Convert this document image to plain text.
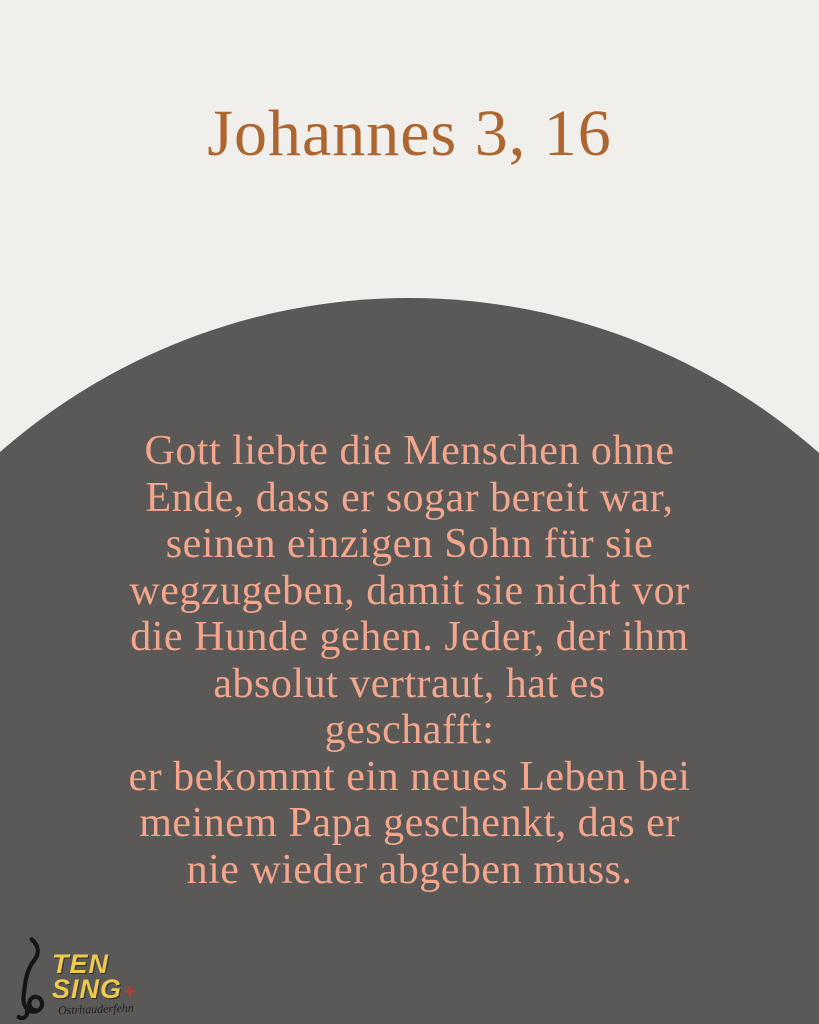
Johannes 3, 16
Gott liebte die Menschen ohne
Ende, dass er sogar bereit war,
seinen einzigen Sohn für sie
wegzugeben, damit sie nicht vor
die Hunde gehen. Jeder, der ihm
absolut vertraut, hat es
geschafft:
er bekommt ein neues Leben bei
meinem Papa geschenkt, das er
nie wieder abgeben muss.
TEN
SING +
Ostrhauderfehn
